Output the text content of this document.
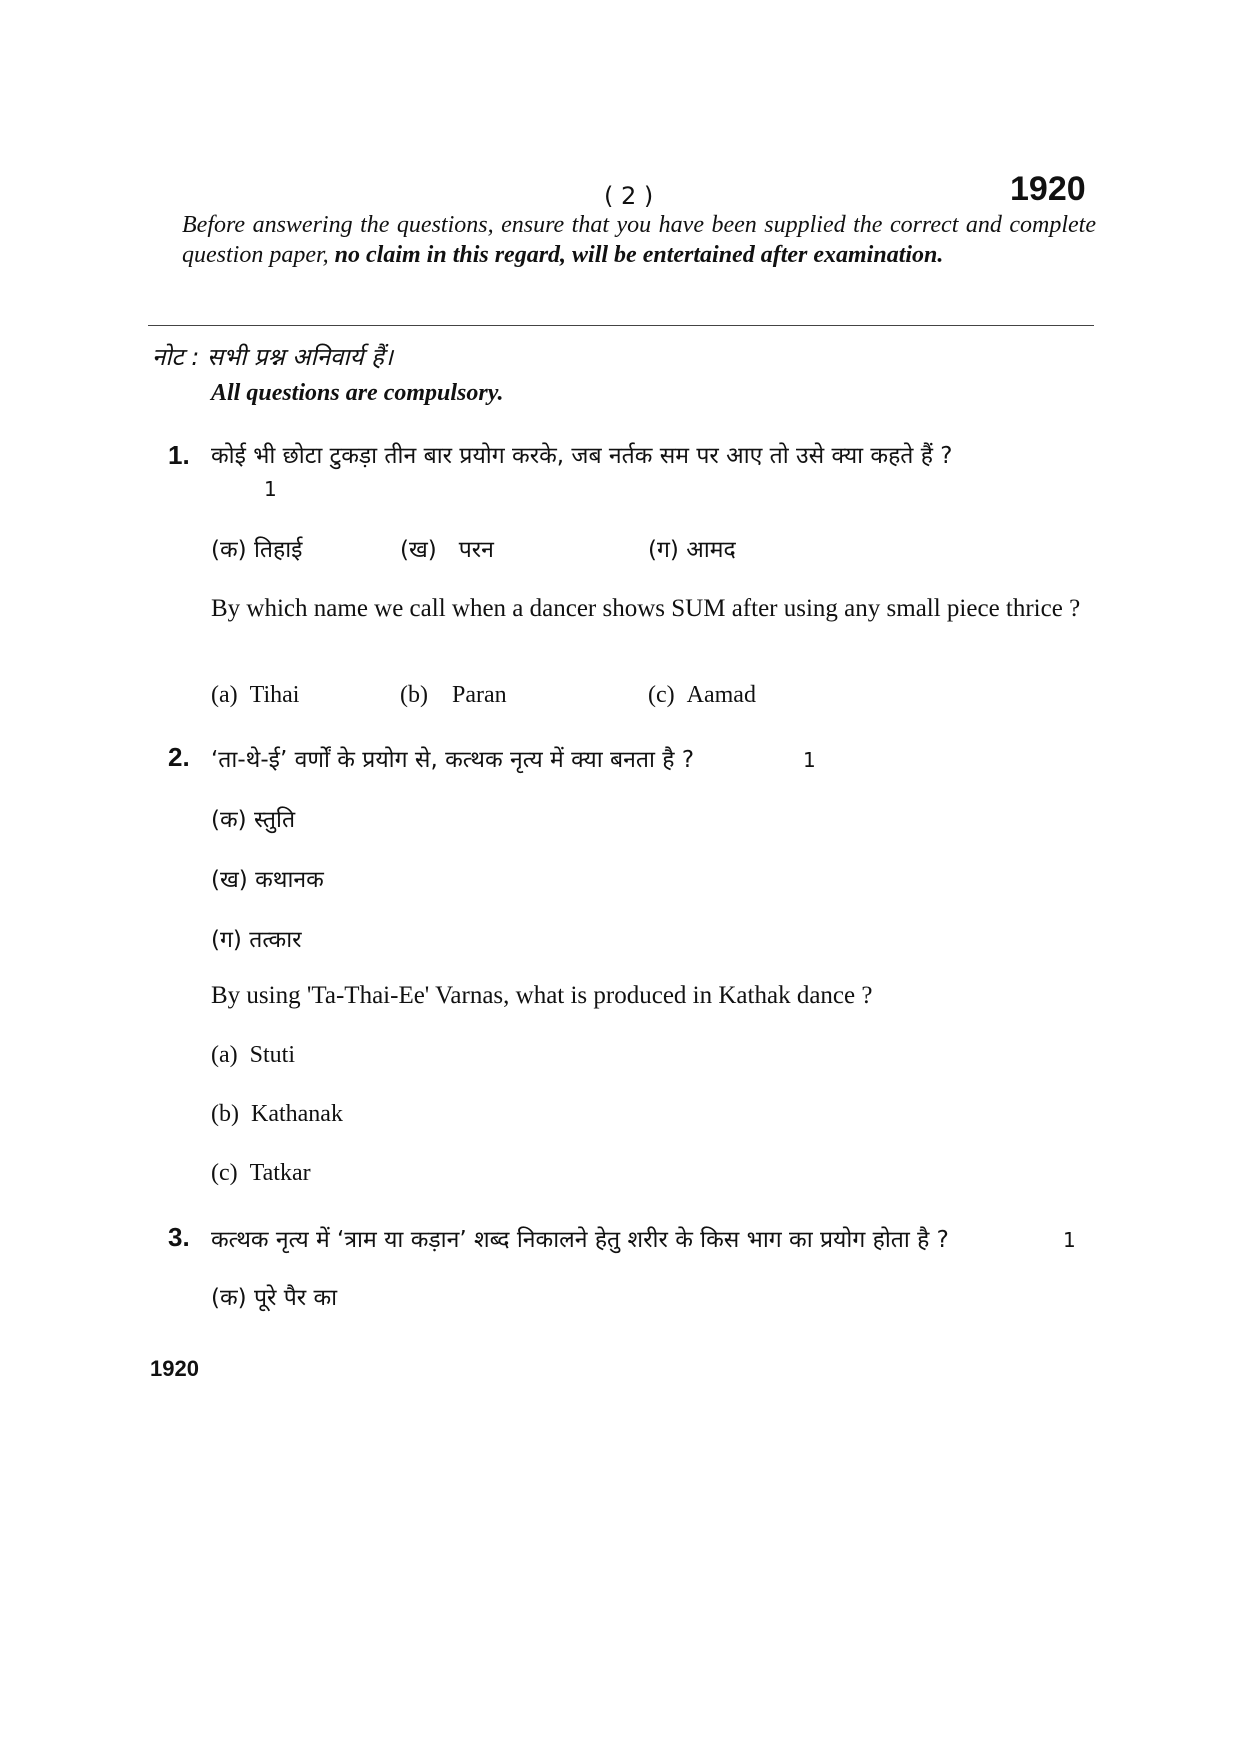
( 2 )	1920
Before answering the questions, ensure that you have been supplied the correct and complete question paper, no claim in this regard, will be entertained after examination.
नोट : सभी प्रश्न अनिवार्य हैं।
All questions are compulsory.
1. कोई भी छोटा टुकड़ा तीन बार प्रयोग करके, जब नर्तक सम पर आए तो उसे क्या कहते हैं ?
1
(क) तिहाई	(ख) परन	(ग) आमद
By which name we call when a dancer shows SUM after using any small piece thrice ?
(a) Tihai	(b) Paran	(c) Aamad
2. ‘ता-थे-ई’ वर्णों के प्रयोग से, कत्थक नृत्य में क्या बनता है ?	1
(क) स्तुति
(ख) कथानक
(ग) तत्कार
By using 'Ta-Thai-Ee' Varnas, what is produced in Kathak dance ?
(a) Stuti
(b) Kathanak
(c) Tatkar
3. कत्थक नृत्य में ‘त्राम या कड़ान’ शब्द निकालने हेतु शरीर के किस भाग का प्रयोग होता है ?	1
(क) पूरे पैर का
1920
